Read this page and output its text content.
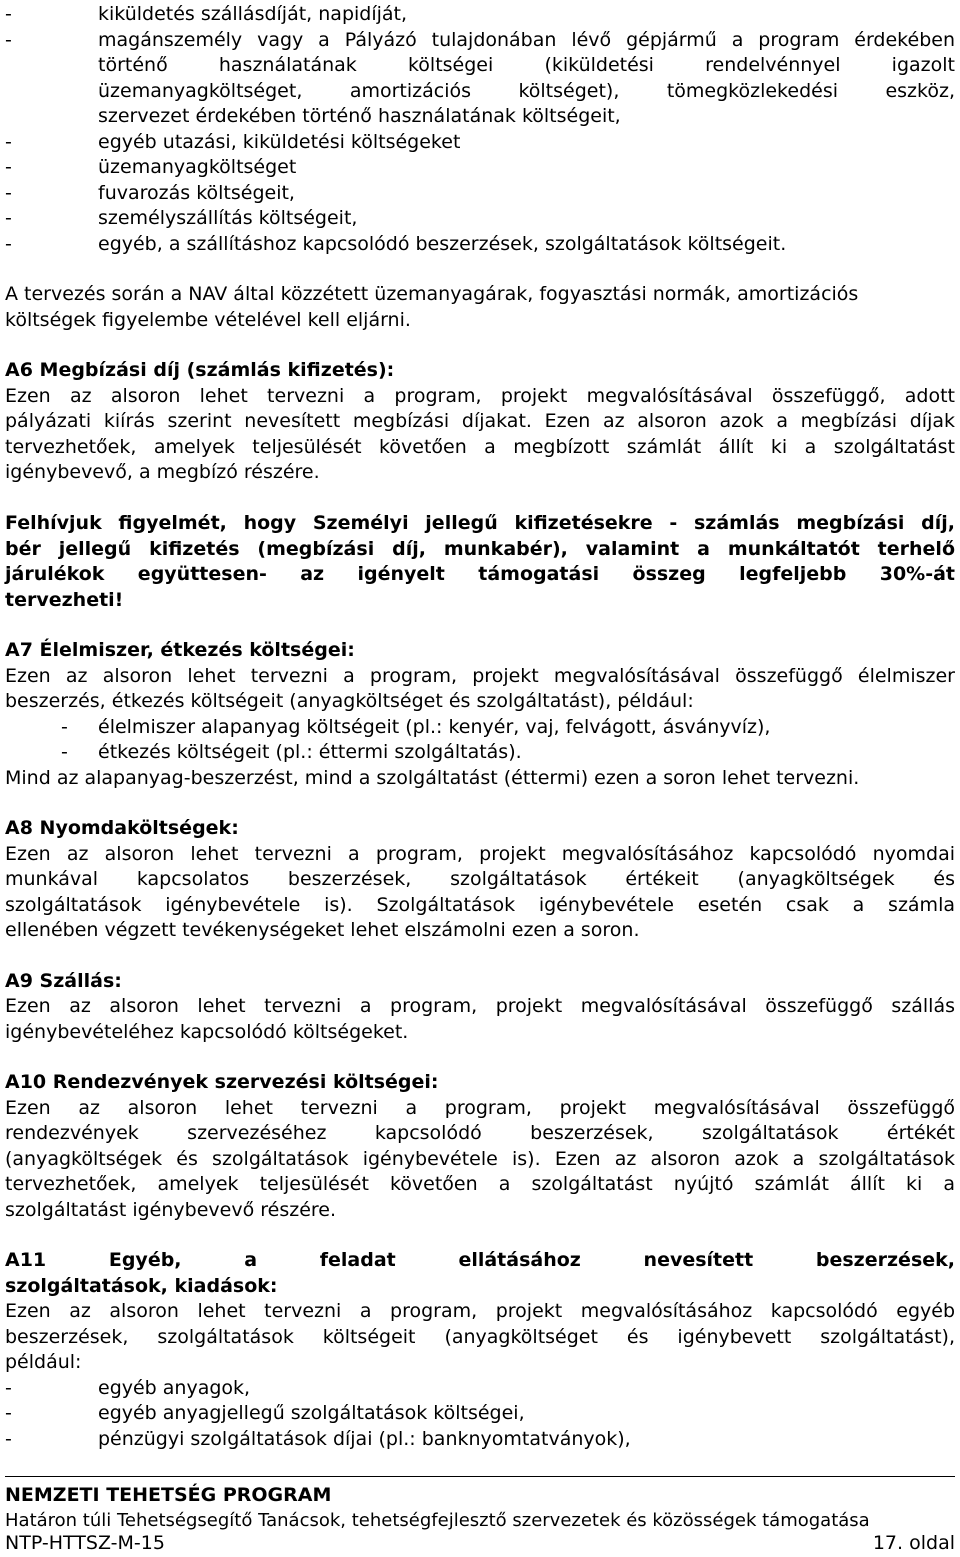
-	kiküldetés szállásdíját, napidíját,
-	magánszemély vagy a Pályázó tulajdonában lévő gépjármű a program érdekében
történő használatának költségei (kiküldetési rendelvénnyel igazolt
üzemanyagköltséget, amortizációs költséget), tömegközlekedési eszköz,
szervezet érdekében történő használatának költségeit,
-	egyéb utazási, kiküldetési költségeket
-	üzemanyagköltséget
-	fuvarozás költségeit,
-	személyszállítás költségeit,
-	egyéb, a szállításhoz kapcsolódó beszerzések, szolgáltatások költségeit.
A tervezés során a NAV által közzétett üzemanyagárak, fogyasztási normák, amortizációs
költségek figyelembe vételével kell eljárni.
A6 Megbízási díj (számlás kifizetés):
Ezen az alsoron lehet tervezni a program, projekt megvalósításával összefüggő, adott
pályázati kiírás szerint nevesített megbízási díjakat. Ezen az alsoron azok a megbízási díjak
tervezhetőek, amelyek teljesülését követően a megbízott számlát állít ki a szolgáltatást
igénybevevő, a megbízó részére.
Felhívjuk figyelmét, hogy Személyi jellegű kifizetésekre - számlás megbízási díj,
bér jellegű kifizetés (megbízási díj, munkabér), valamint a munkáltatót terhelő
járulékok együttesen- az igényelt támogatási összeg legfeljebb 30%-át
tervezheti!
A7 Élelmiszer, étkezés költségei:
Ezen az alsoron lehet tervezni a program, projekt megvalósításával összefüggő élelmiszer
beszerzés, étkezés költségeit (anyagköltséget és szolgáltatást), például:
- élelmiszer alapanyag költségeit (pl.: kenyér, vaj, felvágott, ásványvíz),
- étkezés költségeit (pl.: éttermi szolgáltatás).
Mind az alapanyag-beszerzést, mind a szolgáltatást (éttermi) ezen a soron lehet tervezni.
A8 Nyomdaköltségek:
Ezen az alsoron lehet tervezni a program, projekt megvalósításához kapcsolódó nyomdai
munkával kapcsolatos beszerzések, szolgáltatások értékeit (anyagköltségek és
szolgáltatások igénybevétele is). Szolgáltatások igénybevétele esetén csak a számla
ellenében végzett tevékenységeket lehet elszámolni ezen a soron.
A9 Szállás:
Ezen az alsoron lehet tervezni a program, projekt megvalósításával összefüggő szállás
igénybevételéhez kapcsolódó költségeket.
A10 Rendezvények szervezési költségei:
Ezen az alsoron lehet tervezni a program, projekt megvalósításával összefüggő
rendezvények szervezéséhez kapcsolódó beszerzések, szolgáltatások értékét
(anyagköltségek és szolgáltatások igénybevétele is). Ezen az alsoron azok a szolgáltatások
tervezhetőek, amelyek teljesülését követően a szolgáltatást nyújtó számlát állít ki a
szolgáltatást igénybevevő részére.
A11 Egyéb, a feladat ellátásához nevesített beszerzések,
szolgáltatások, kiadások:
Ezen az alsoron lehet tervezni a program, projekt megvalósításához kapcsolódó egyéb
beszerzések, szolgáltatások költségeit (anyagköltséget és igénybevett szolgáltatást),
például:
-	egyéb anyagok,
-	egyéb anyagjellegű szolgáltatások költségei,
-	pénzügyi szolgáltatások díjai (pl.: banknyomtatványok),
NEMZETI TEHETSÉG PROGRAM
Határon túli Tehetségsegítő Tanácsok, tehetségfejlesztő szervezetek és közösségek támogatása
NTP-HTTSZ-M-15	17. oldal
